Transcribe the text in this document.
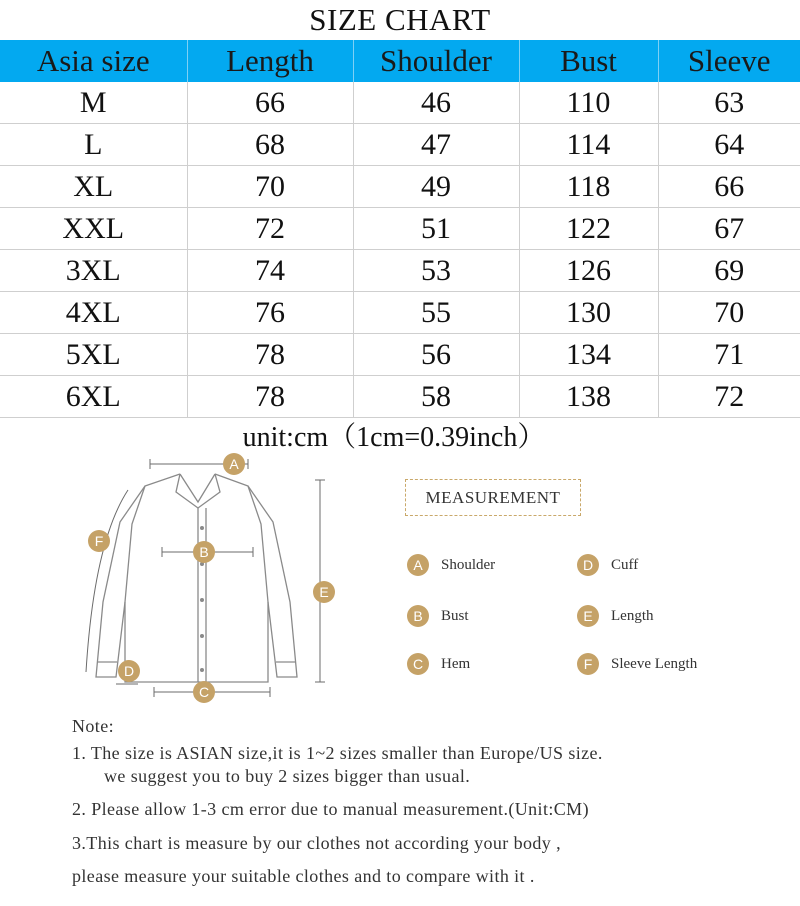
SIZE CHART
Asia size	Length	Shoulder	Bust	Sleeve
M	66	46	110	63
L	68	47	114	64
XL	70	49	118	66
XXL	72	51	122	67
3XL	74	53	126	69
4XL	76	55	130	70
5XL	78	56	134	71
6XL	78	58	138	72
unit:cm（1cm=0.39inch）
A
B
C
D
E
F
MEASUREMENT
A	Shoulder
B	Bust
C	Hem
D	Cuff
E	Length
F	Sleeve Length
Note:
1. The size is ASIAN size,it is 1~2 sizes smaller than Europe/US size.
we suggest you to buy 2 sizes bigger than usual.
2. Please allow 1-3 cm error due to manual measurement.(Unit:CM)
3.This chart is measure by our clothes not according your body ,
please measure your suitable clothes and to compare with it .
